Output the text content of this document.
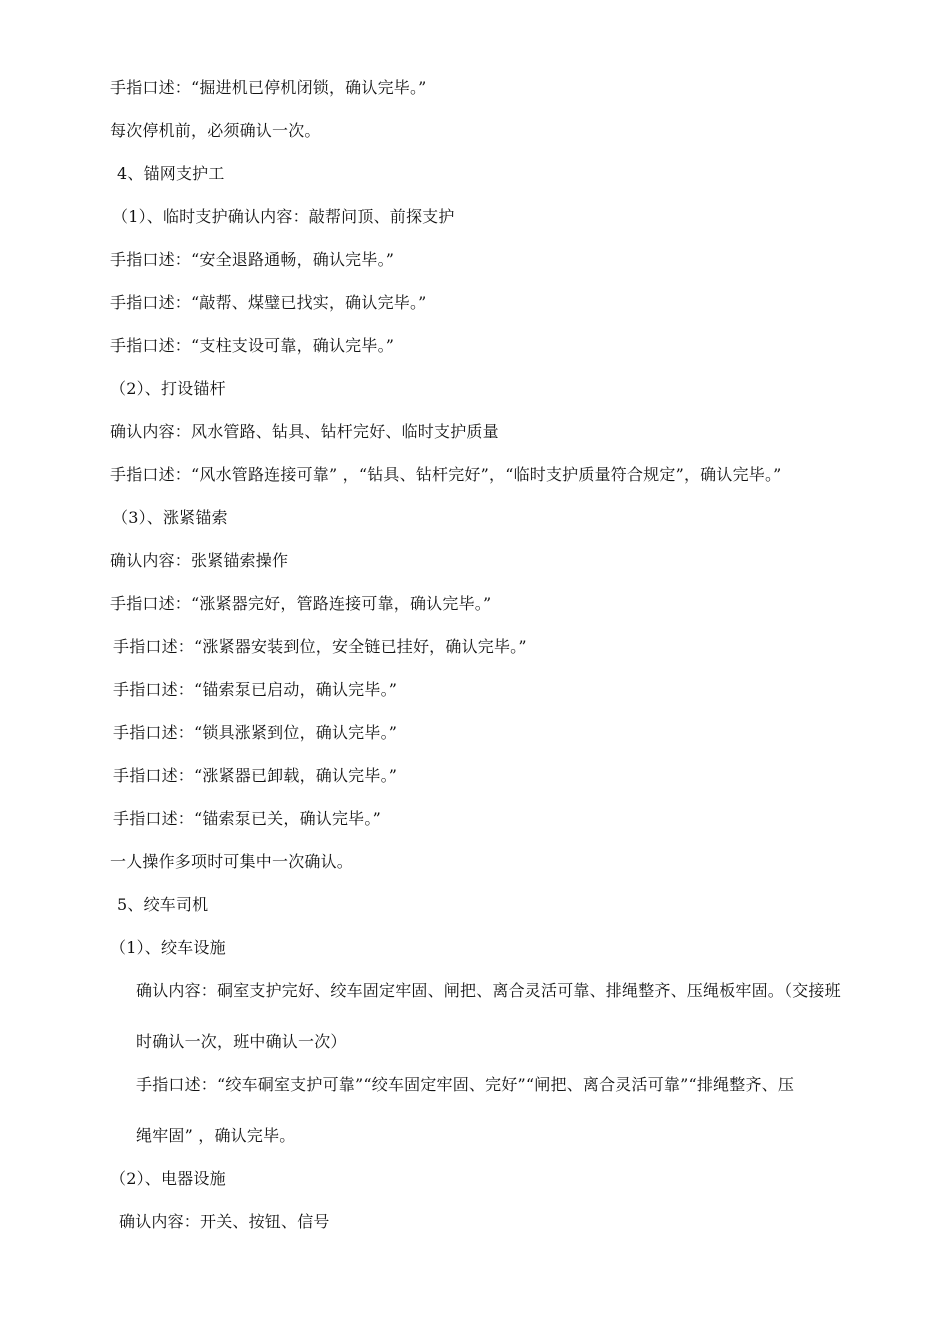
手指口述：“掘进机已停机闭锁，确认完毕。”
每次停机前，必须确认一次。
4、锚网支护工
（1）、临时支护确认内容：敲帮问顶、前探支护
手指口述：“安全退路通畅，确认完毕。”
手指口述：“敲帮、煤璧已找实，确认完毕。”
手指口述：“支柱支设可靠，确认完毕。”
（2）、打设锚杆
确认内容：风水管路、钻具、钻杆完好、临时支护质量
手指口述：“风水管路连接可靠” ，“钻具、钻杆完好”，“临时支护质量符合规定”，确认完毕。”
（3）、涨紧锚索
确认内容：张紧锚索操作
手指口述：“涨紧器完好，管路连接可靠，确认完毕。”
手指口述：“涨紧器安装到位，安全链已挂好，确认完毕。”
手指口述：“锚索泵已启动，确认完毕。”
手指口述：“锁具涨紧到位，确认完毕。”
手指口述：“涨紧器已卸载，确认完毕。”
手指口述：“锚索泵已关，确认完毕。”
一人操作多项时可集中一次确认。
5、绞车司机
（1）、绞车设施
确认内容：硐室支护完好、绞车固定牢固、闸把、离合灵活可靠、排绳整齐、压绳板牢固。（交接班
时确认一次，班中确认一次）
手指口述：“绞车硐室支护可靠”“绞车固定牢固、完好”“闸把、离合灵活可靠”“排绳整齐、压
绳牢固” ，确认完毕。
（2）、电器设施
确认内容：开关、按钮、信号
